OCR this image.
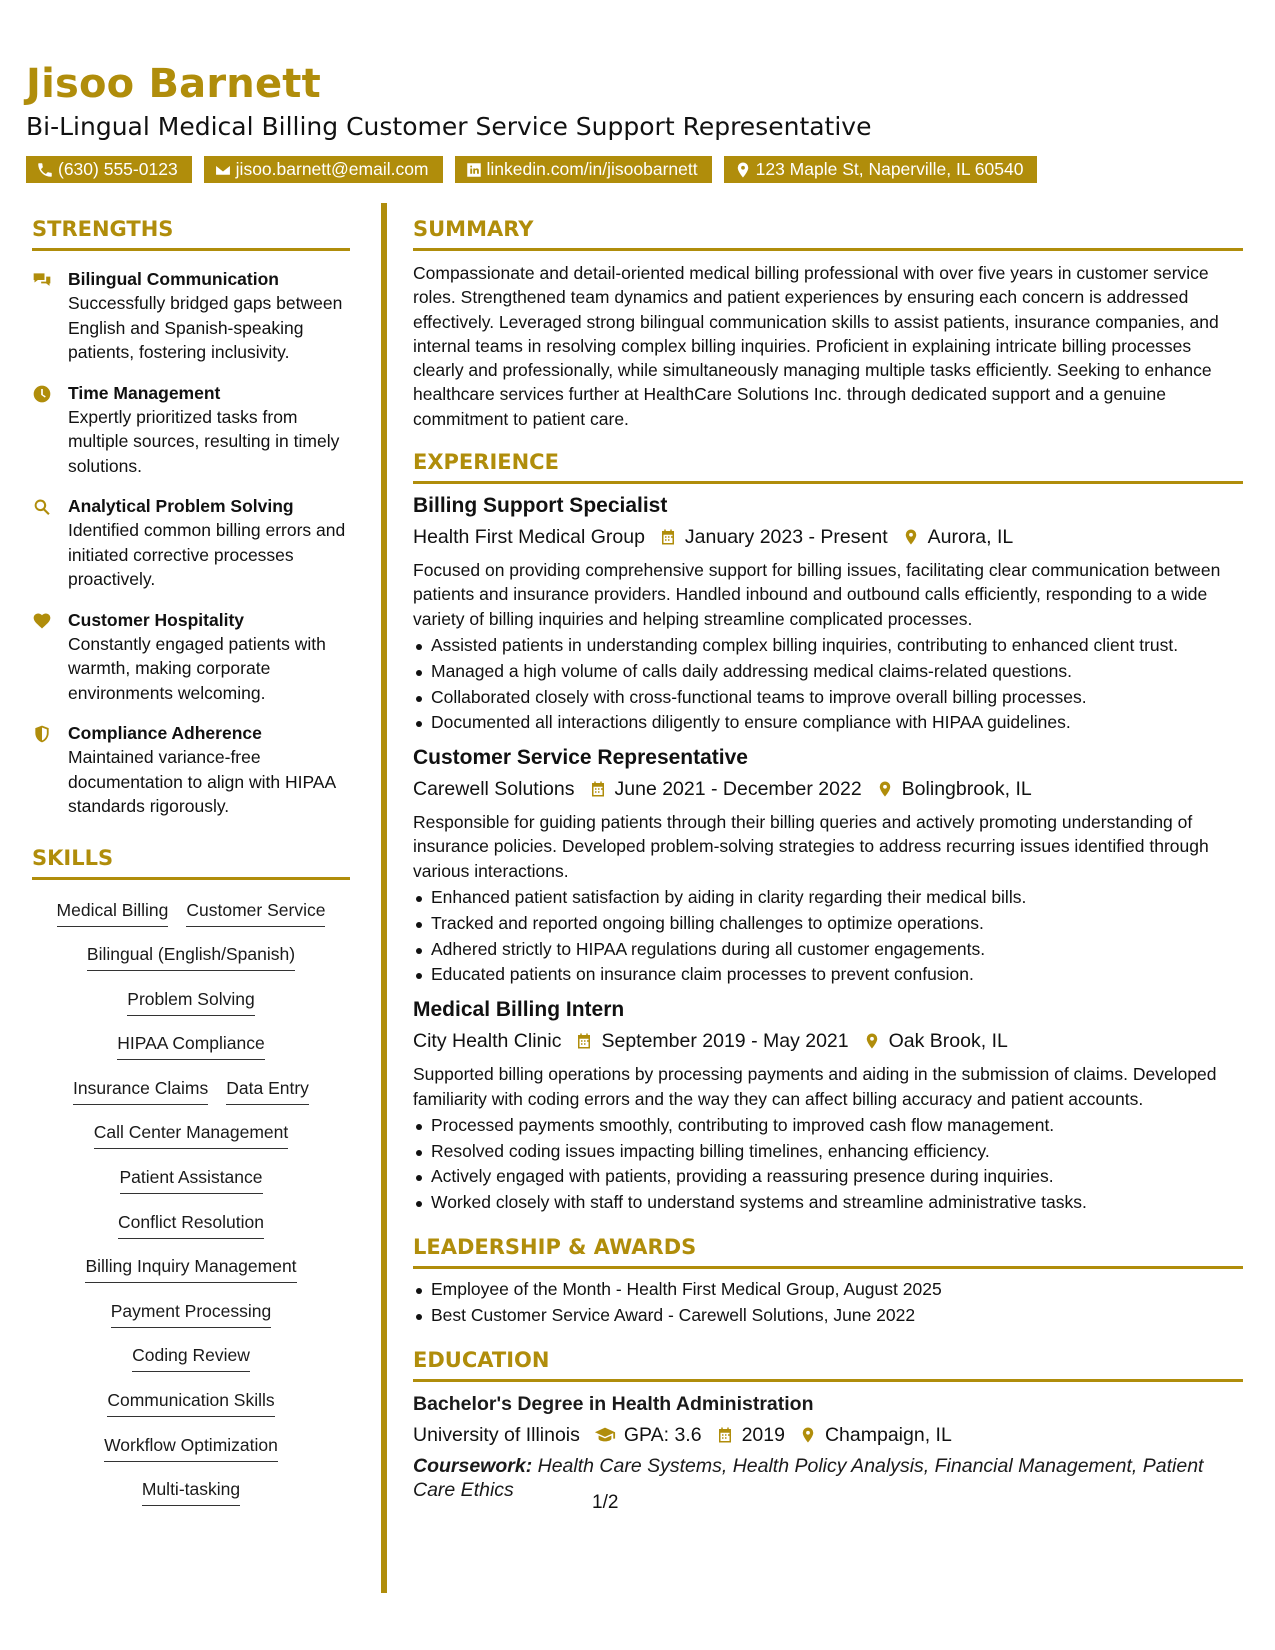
Jisoo Barnett
Bi-Lingual Medical Billing Customer Service Support Representative
(630) 555-0123	jisoo.barnett@email.com	linkedin.com/in/jisoobarnett	123 Maple St, Naperville, IL 60540
STRENGTHS
Bilingual Communication
Successfully bridged gaps between English and Spanish-speaking patients, fostering inclusivity.
Time Management
Expertly prioritized tasks from multiple sources, resulting in timely solutions.
Analytical Problem Solving
Identified common billing errors and initiated corrective processes proactively.
Customer Hospitality
Constantly engaged patients with warmth, making corporate environments welcoming.
Compliance Adherence
Maintained variance-free documentation to align with HIPAA standards rigorously.
SKILLS
Medical Billing Customer Service
Bilingual (English/Spanish)
Problem Solving
HIPAA Compliance
Insurance Claims Data Entry
Call Center Management
Patient Assistance
Conflict Resolution
Billing Inquiry Management
Payment Processing
Coding Review
Communication Skills
Workflow Optimization
Multi-tasking
SUMMARY

Compassionate and detail-oriented medical billing professional with over five years in customer service roles. Strengthened team dynamics and patient experiences by ensuring each concern is addressed effectively. Leveraged strong bilingual communication skills to assist patients, insurance companies, and internal teams in resolving complex billing inquiries. Proficient in explaining intricate billing processes clearly and professionally, while simultaneously managing multiple tasks efficiently. Seeking to enhance healthcare services further at HealthCare Solutions Inc. through dedicated support and a genuine commitment to patient care.

EXPERIENCE
Billing Support Specialist
Health First Medical Group January 2023 - Present Aurora, IL

Focused on providing comprehensive support for billing issues, facilitating clear communication between patients and insurance providers. Handled inbound and outbound calls efficiently, responding to a wide variety of billing inquiries and helping streamline complicated processes.

Assisted patients in understanding complex billing inquiries, contributing to enhanced client trust.
Managed a high volume of calls daily addressing medical claims-related questions.
Collaborated closely with cross-functional teams to improve overall billing processes.
Documented all interactions diligently to ensure compliance with HIPAA guidelines.
Customer Service Representative
Carewell Solutions June 2021 - December 2022 Bolingbrook, IL

Responsible for guiding patients through their billing queries and actively promoting understanding of insurance policies. Developed problem-solving strategies to address recurring issues identified through various interactions.

Enhanced patient satisfaction by aiding in clarity regarding their medical bills.
Tracked and reported ongoing billing challenges to optimize operations.
Adhered strictly to HIPAA regulations during all customer engagements.
Educated patients on insurance claim processes to prevent confusion.
Medical Billing Intern
City Health Clinic September 2019 - May 2021 Oak Brook, IL

Supported billing operations by processing payments and aiding in the submission of claims. Developed familiarity with coding errors and the way they can affect billing accuracy and patient accounts.

Processed payments smoothly, contributing to improved cash flow management.
Resolved coding issues impacting billing timelines, enhancing efficiency.
Actively engaged with patients, providing a reassuring presence during inquiries.
Worked closely with staff to understand systems and streamline administrative tasks.
LEADERSHIP & AWARDS
Employee of the Month - Health First Medical Group, August 2025
Best Customer Service Award - Carewell Solutions, June 2022
EDUCATION
Bachelor's Degree in Health Administration
University of Illinois GPA: 3.6 2019 Champaign, IL
Coursework: Health Care Systems, Health Policy Analysis, Financial Management, Patient Care Ethics
1/2
